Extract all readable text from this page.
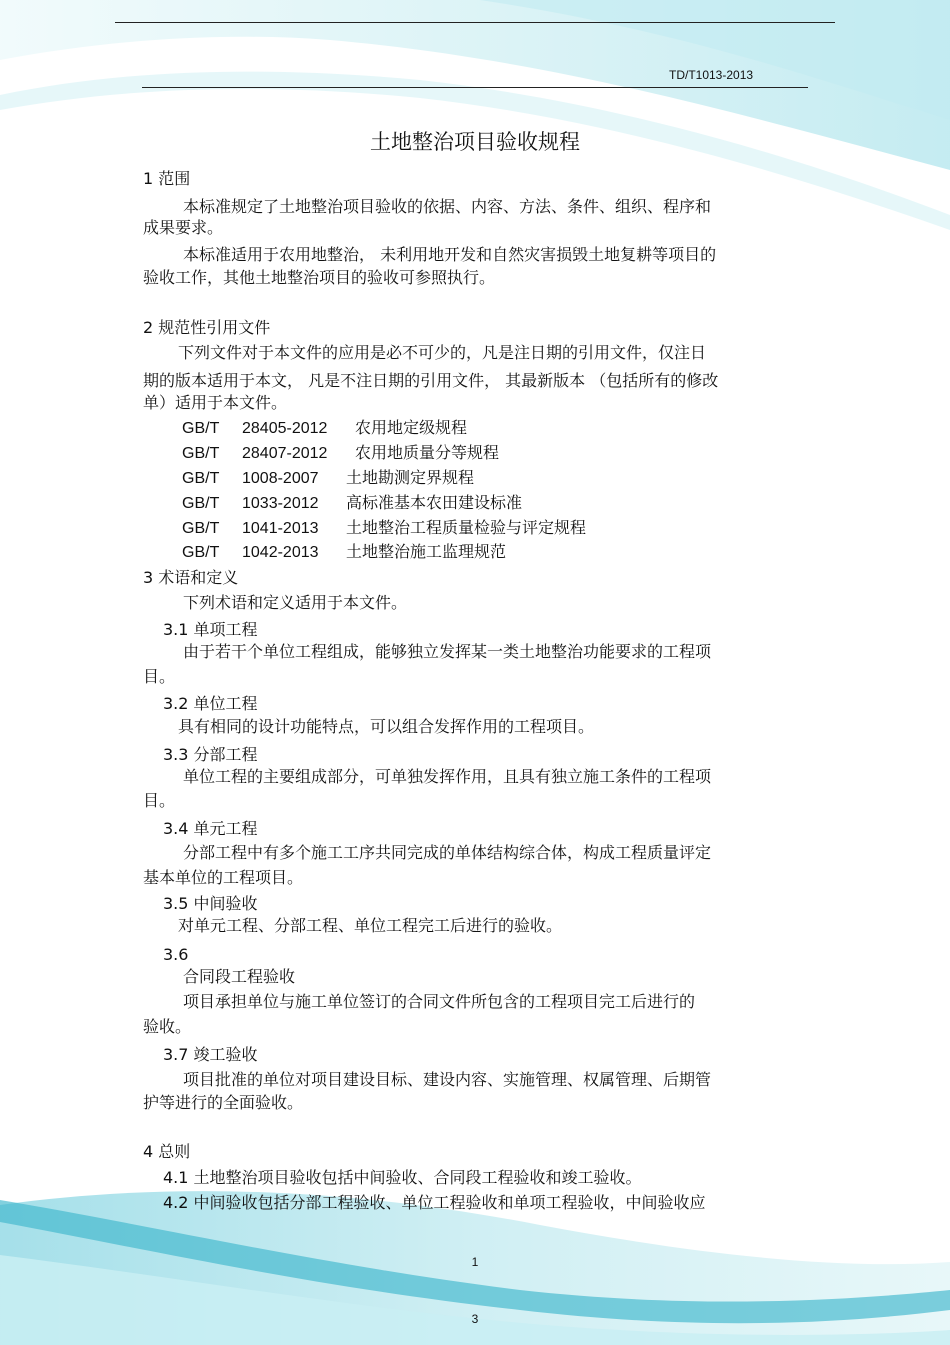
TD/T1013-2013
土地整治项目验收规程
1 范围
本标准规定了土地整治项目验收的依据、内容、方法、条件、组织、程序和
成果要求。
本标准适用于农用地整治， 未利用地开发和自然灾害损毁土地复耕等项目的
验收工作，其他土地整治项目的验收可参照执行。
2 规范性引用文件
下列文件对于本文件的应用是必不可少的，凡是注日期的引用文件，仅注日
期的版本适用于本文， 凡是不注日期的引用文件， 其最新版本 （包括所有的修改
单）适用于本文件。
GB/T 28405-2012 农用地定级规程
GB/T 28407-2012 农用地质量分等规程
GB/T 1008-2007 土地勘测定界规程
GB/T 1033-2012 高标准基本农田建设标准
GB/T 1041-2013 土地整治工程质量检验与评定规程
GB/T 1042-2013 土地整治施工监理规范
3 术语和定义
下列术语和定义适用于本文件。
3.1 单项工程
由于若干个单位工程组成，能够独立发挥某一类土地整治功能要求的工程项
目。
3.2 单位工程
具有相同的设计功能特点，可以组合发挥作用的工程项目。
3.3 分部工程
单位工程的主要组成部分，可单独发挥作用，且具有独立施工条件的工程项
目。
3.4 单元工程
分部工程中有多个施工工序共同完成的单体结构综合体，构成工程质量评定
基本单位的工程项目。
3.5 中间验收
对单元工程、分部工程、单位工程完工后进行的验收。
3.6
合同段工程验收
项目承担单位与施工单位签订的合同文件所包含的工程项目完工后进行的
验收。
3.7 竣工验收
项目批准的单位对项目建设目标、建设内容、实施管理、权属管理、后期管
护等进行的全面验收。
4 总则
4.1 土地整治项目验收包括中间验收、合同段工程验收和竣工验收。
4.2 中间验收包括分部工程验收、单位工程验收和单项工程验收，中间验收应
1
3
